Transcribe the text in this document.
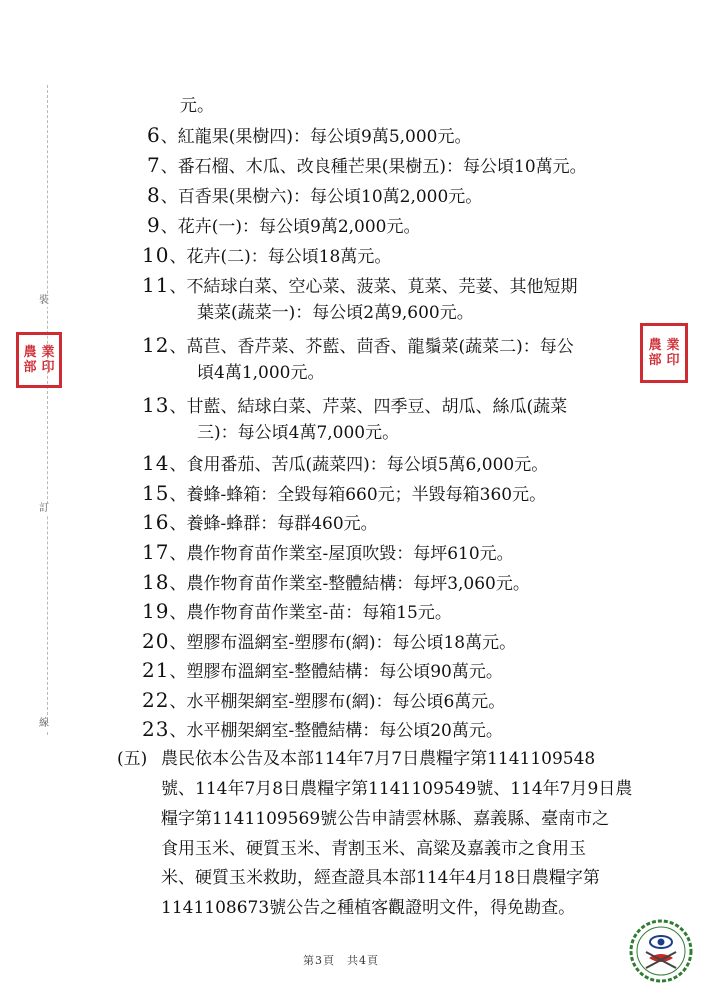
裝
訂
線
農 業
部 印
農 業
部 印
元。
6、紅龍果(果樹四)：每公頃9萬5,000元。
7、番石榴、木瓜、改良種芒果(果樹五)：每公頃10萬元。
8、百香果(果樹六)：每公頃10萬2,000元。
9、花卉(一)：每公頃9萬2,000元。
10、花卉(二)：每公頃18萬元。
11、不結球白菜、空心菜、菠菜、莧菜、芫荽、其他短期
葉菜(蔬菜一)：每公頃2萬9,600元。
12、萵苣、香芹菜、芥藍、茴香、龍鬚菜(蔬菜二)：每公
頃4萬1,000元。
13、甘藍、結球白菜、芹菜、四季豆、胡瓜、絲瓜(蔬菜
三)：每公頃4萬7,000元。
14、食用番茄、苦瓜(蔬菜四)：每公頃5萬6,000元。
15、養蜂-蜂箱：全毀每箱660元；半毀每箱360元。
16、養蜂-蜂群：每群460元。
17、農作物育苗作業室-屋頂吹毀：每坪610元。
18、農作物育苗作業室-整體結構：每坪3,060元。
19、農作物育苗作業室-苗：每箱15元。
20、塑膠布溫網室-塑膠布(網)：每公頃18萬元。
21、塑膠布溫網室-整體結構：每公頃90萬元。
22、水平棚架網室-塑膠布(網)：每公頃6萬元。
23、水平棚架網室-整體結構：每公頃20萬元。
(五) 農民依本公告及本部114年7月7日農糧字第1141109548
號、114年7月8日農糧字第1141109549號、114年7月9日農
糧字第1141109569號公告申請雲林縣、嘉義縣、臺南市之
食用玉米、硬質玉米、青割玉米、高粱及嘉義市之食用玉
米、硬質玉米救助，經查證具本部114年4月18日農糧字第
1141108673號公告之種植客觀證明文件，得免勘查。
第3頁 共4頁
